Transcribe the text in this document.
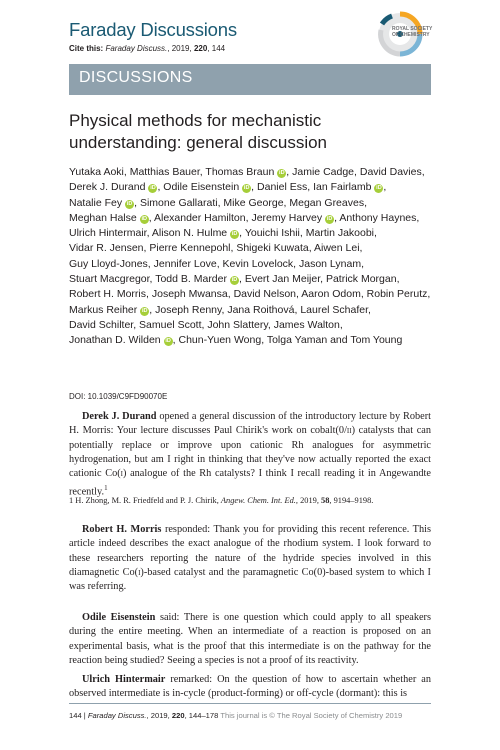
Faraday Discussions
Cite this: Faraday Discuss., 2019, 220, 144
ROYAL SOCIETY
OF CHEMISTRY
DISCUSSIONS
Physical methods for mechanistic understanding: general discussion

Yutaka Aoki, Matthias Bauer, Thomas Braun iD , Jamie Cadge, David Davies, Derek J. Durand iD , Odile Eisenstein iD , Daniel Ess, Ian Fairlamb iD , Natalie Fey iD , Simone Gallarati, Mike George, Megan Greaves, Meghan Halse iD , Alexander Hamilton, Jeremy Harvey iD , Anthony Haynes, Ulrich Hintermair, Alison N. Hulme iD , Youichi Ishii, Martin Jakoobi, Vidar R. Jensen, Pierre Kennepohl, Shigeki Kuwata, Aiwen Lei, Guy Lloyd-Jones, Jennifer Love, Kevin Lovelock, Jason Lynam, Stuart Macgregor, Todd B. Marder iD , Evert Jan Meijer, Patrick Morgan, Robert H. Morris, Joseph Mwansa, David Nelson, Aaron Odom, Robin Perutz, Markus Reiher iD , Joseph Renny, Jana Roithová, Laurel Schafer, David Schilter, Samuel Scott, John Slattery, James Walton, Jonathan D. Wilden iD , Chun-Yuen Wong, Tolga Yaman and Tom Young

DOI: 10.1039/C9FD90070E

Derek J. Durand opened a general discussion of the introductory lecture by Robert H. Morris: Your lecture discusses Paul Chirik's work on cobalt(0/ii) catalysts that can potentially replace or improve upon cationic Rh analogues for asymmetric hydrogenation, but am I right in thinking that they've now actually reported the exact cationic Co(i) analogue of the Rh catalysts? I think I recall reading it in Angewandte recently.$^1$

1 H. Zhong, M. R. Friedfeld and P. J. Chirik, Angew. Chem. Int. Ed., 2019, 58, 9194–9198.

Robert H. Morris responded: Thank you for providing this recent reference. This article indeed describes the exact analogue of the rhodium system. I look forward to these researchers reporting the nature of the hydride species involved in this diamagnetic Co(i)-based catalyst and the paramagnetic Co(0)-based system to which I was referring.

Odile Eisenstein said: There is one question which could apply to all speakers during the entire meeting. When an intermediate of a reaction is proposed on an experimental basis, what is the proof that this intermediate is on the pathway for the reaction being studied? Seeing a species is not a proof of its reactivity.

Ulrich Hintermair remarked: On the question of how to ascertain whether an observed intermediate is in-cycle (product-forming) or off-cycle (dormant): this is

144 | Faraday Discuss., 2019, 220, 144–178 This journal is © The Royal Society of Chemistry 2019
